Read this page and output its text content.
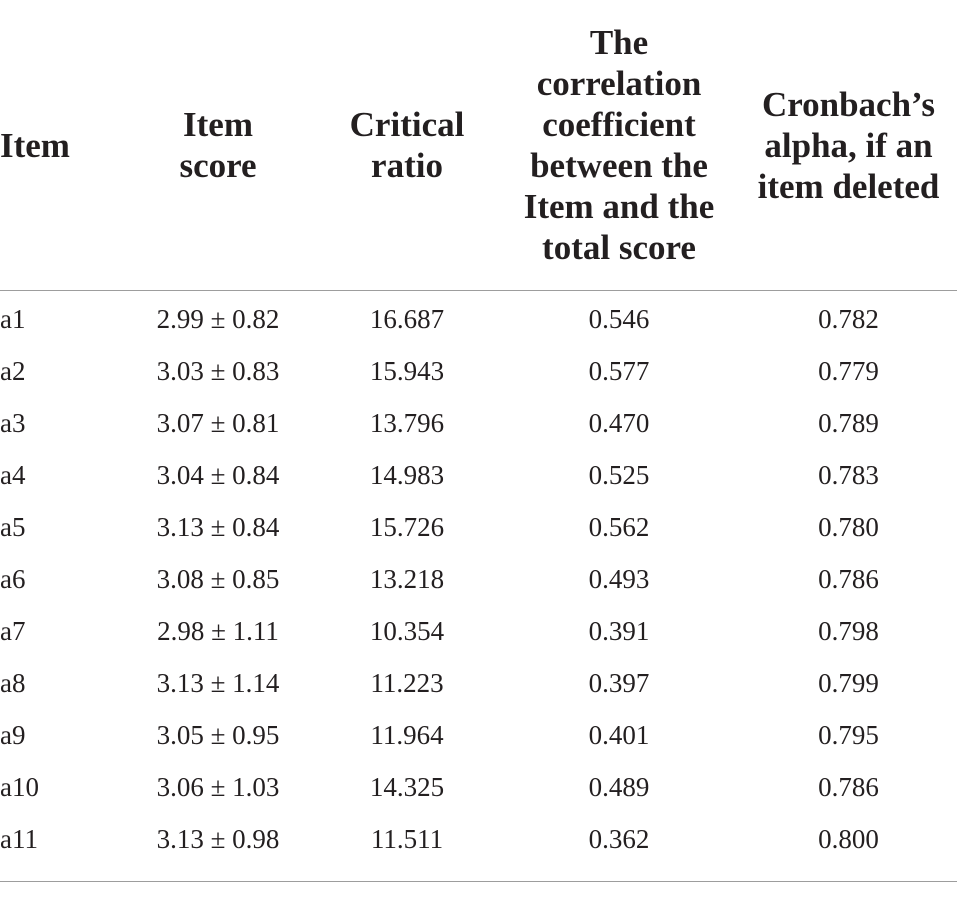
Item	Item score	Critical ratio	The correlation coefficient between the Item and the total score	Cronbach’s alpha, if an item deleted

a1	2.99 ± 0.82	16.687	0.546	0.782
a2	3.03 ± 0.83	15.943	0.577	0.779
a3	3.07 ± 0.81	13.796	0.470	0.789
a4	3.04 ± 0.84	14.983	0.525	0.783
a5	3.13 ± 0.84	15.726	0.562	0.780
a6	3.08 ± 0.85	13.218	0.493	0.786
a7	2.98 ± 1.11	10.354	0.391	0.798
a8	3.13 ± 1.14	11.223	0.397	0.799
a9	3.05 ± 0.95	11.964	0.401	0.795
a10	3.06 ± 1.03	14.325	0.489	0.786
a11	3.13 ± 0.98	11.511	0.362	0.800
